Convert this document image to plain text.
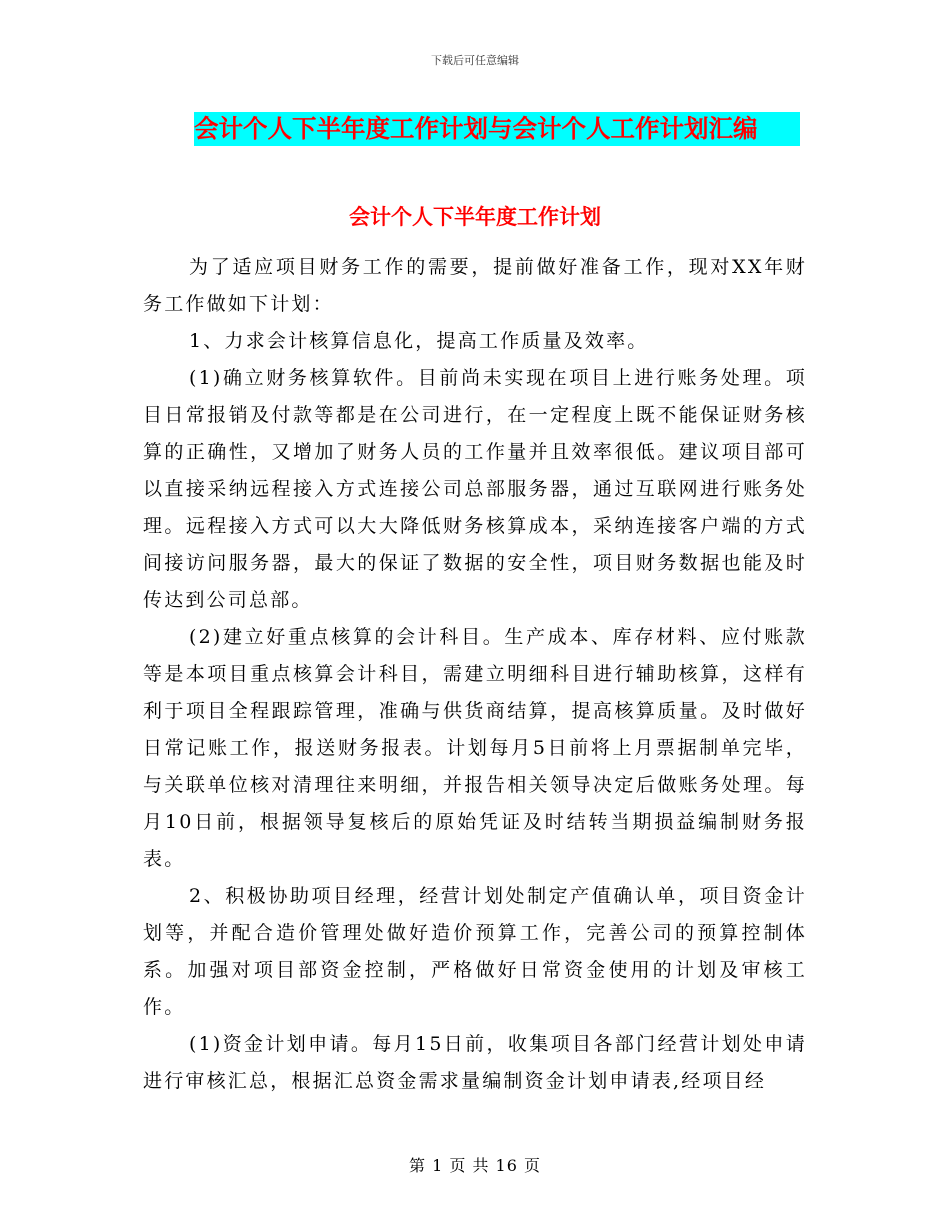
下载后可任意编辑
会计个人下半年度工作计划与会计个人工作计划汇编
会计个人下半年度工作计划

为了适应项目财务工作的需要，提前做好准备工作，现对XX年财务工作做如下计划：

1、力求会计核算信息化，提高工作质量及效率。

(1)确立财务核算软件。目前尚未实现在项目上进行账务处理。项目日常报销及付款等都是在公司进行，在一定程度上既不能保证财务核算的正确性，又增加了财务人员的工作量并且效率很低。建议项目部可以直接采纳远程接入方式连接公司总部服务器，通过互联网进行账务处理。远程接入方式可以大大降低财务核算成本，采纳连接客户端的方式间接访问服务器，最大的保证了数据的安全性，项目财务数据也能及时传达到公司总部。

(2)建立好重点核算的会计科目。生产成本、库存材料、应付账款等是本项目重点核算会计科目，需建立明细科目进行辅助核算，这样有利于项目全程跟踪管理，准确与供货商结算，提高核算质量。及时做好日常记账工作，报送财务报表。计划每月5日前将上月票据制单完毕，与关联单位核对清理往来明细，并报告相关领导决定后做账务处理。每月10日前，根据领导复核后的原始凭证及时结转当期损益编制财务报表。

2、积极协助项目经理，经营计划处制定产值确认单，项目资金计划等，并配合造价管理处做好造价预算工作，完善公司的预算控制体系。加强对项目部资金控制，严格做好日常资金使用的计划及审核工作。

(1)资金计划申请。每月15日前，收集项目各部门经营计划处申请进行审核汇总，根据汇总资金需求量编制资金计划申请表,经项目经

第 1 页 共 16 页
